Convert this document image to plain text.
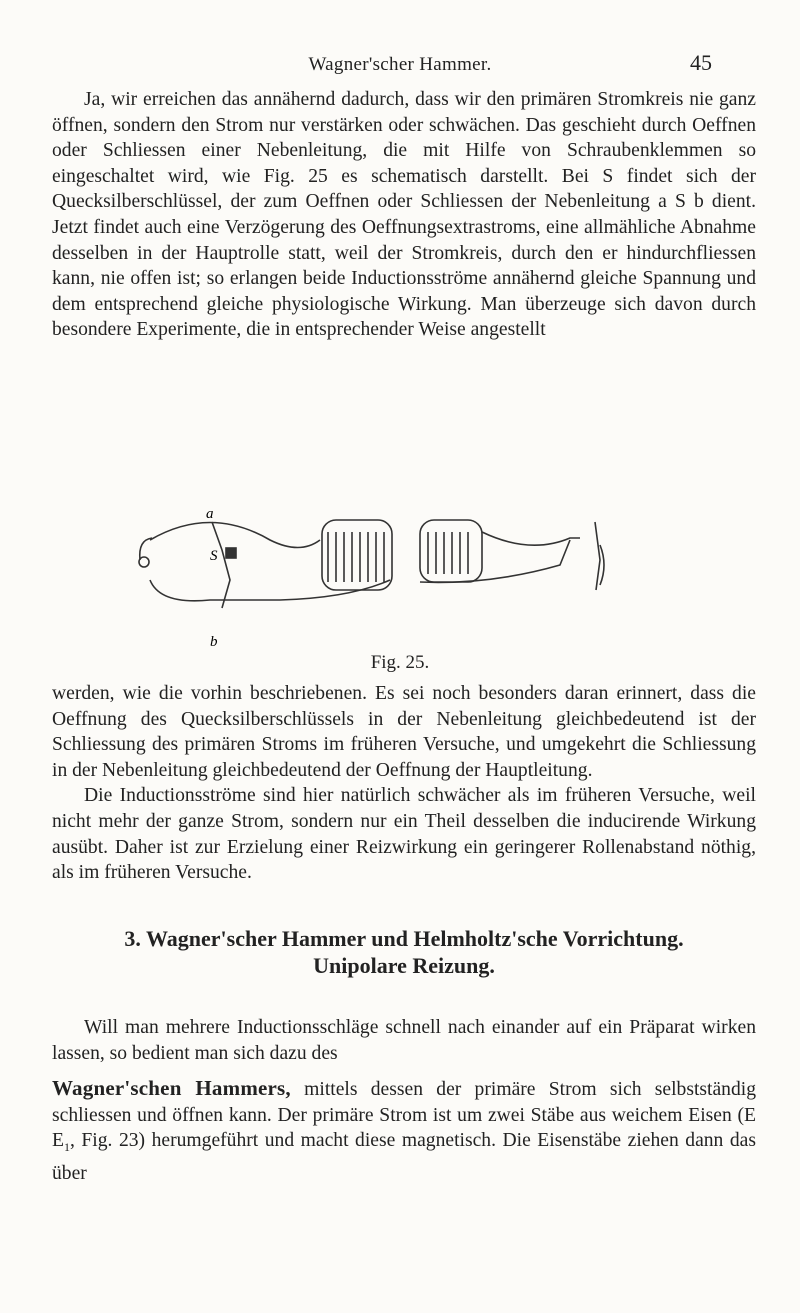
Wagner'scher Hammer.	45

Ja, wir erreichen das annähernd dadurch, dass wir den primären Stromkreis nie ganz öffnen, sondern den Strom nur verstärken oder schwächen. Das geschieht durch Oeffnen oder Schliessen einer Nebenleitung, die mit Hilfe von Schraubenklemmen so eingeschaltet wird, wie Fig. 25 es schematisch darstellt. Bei S findet sich der Quecksilberschlüssel, der zum Oeffnen oder Schliessen der Nebenleitung a S b dient. Jetzt findet auch eine Verzögerung des Oeffnungsextrastroms, eine allmähliche Abnahme desselben in der Hauptrolle statt, weil der Stromkreis, durch den er hindurchfliessen kann, nie offen ist; so erlangen beide Inductionsströme annähernd gleiche Spannung und dem entsprechend gleiche physiologische Wirkung. Man überzeuge sich davon durch besondere Experimente, die in entsprechender Weise angestellt

a
S
b
Fig. 25.

werden, wie die vorhin beschriebenen. Es sei noch besonders daran erinnert, dass die Oeffnung des Quecksilberschlüssels in der Nebenleitung gleichbedeutend ist der Schliessung des primären Stroms im früheren Versuche, und umgekehrt die Schliessung in der Nebenleitung gleichbedeutend der Oeffnung der Hauptleitung.

Die Inductionsströme sind hier natürlich schwächer als im früheren Versuche, weil nicht mehr der ganze Strom, sondern nur ein Theil desselben die inducirende Wirkung ausübt. Daher ist zur Erzielung einer Reizwirkung ein geringerer Rollenabstand nöthig, als im früheren Versuche.

3. Wagner'scher Hammer und Helmholtz'sche Vorrichtung.
Unipolare Reizung.

Will man mehrere Inductionsschläge schnell nach einander auf ein Präparat wirken lassen, so bedient man sich dazu des

Wagner'schen Hammers, mittels dessen der primäre Strom sich selbstständig schliessen und öffnen kann. Der primäre Strom ist um zwei Stäbe aus weichem Eisen (E $E_1$, Fig. 23) herumgeführt und macht diese magnetisch. Die Eisenstäbe ziehen dann das über
